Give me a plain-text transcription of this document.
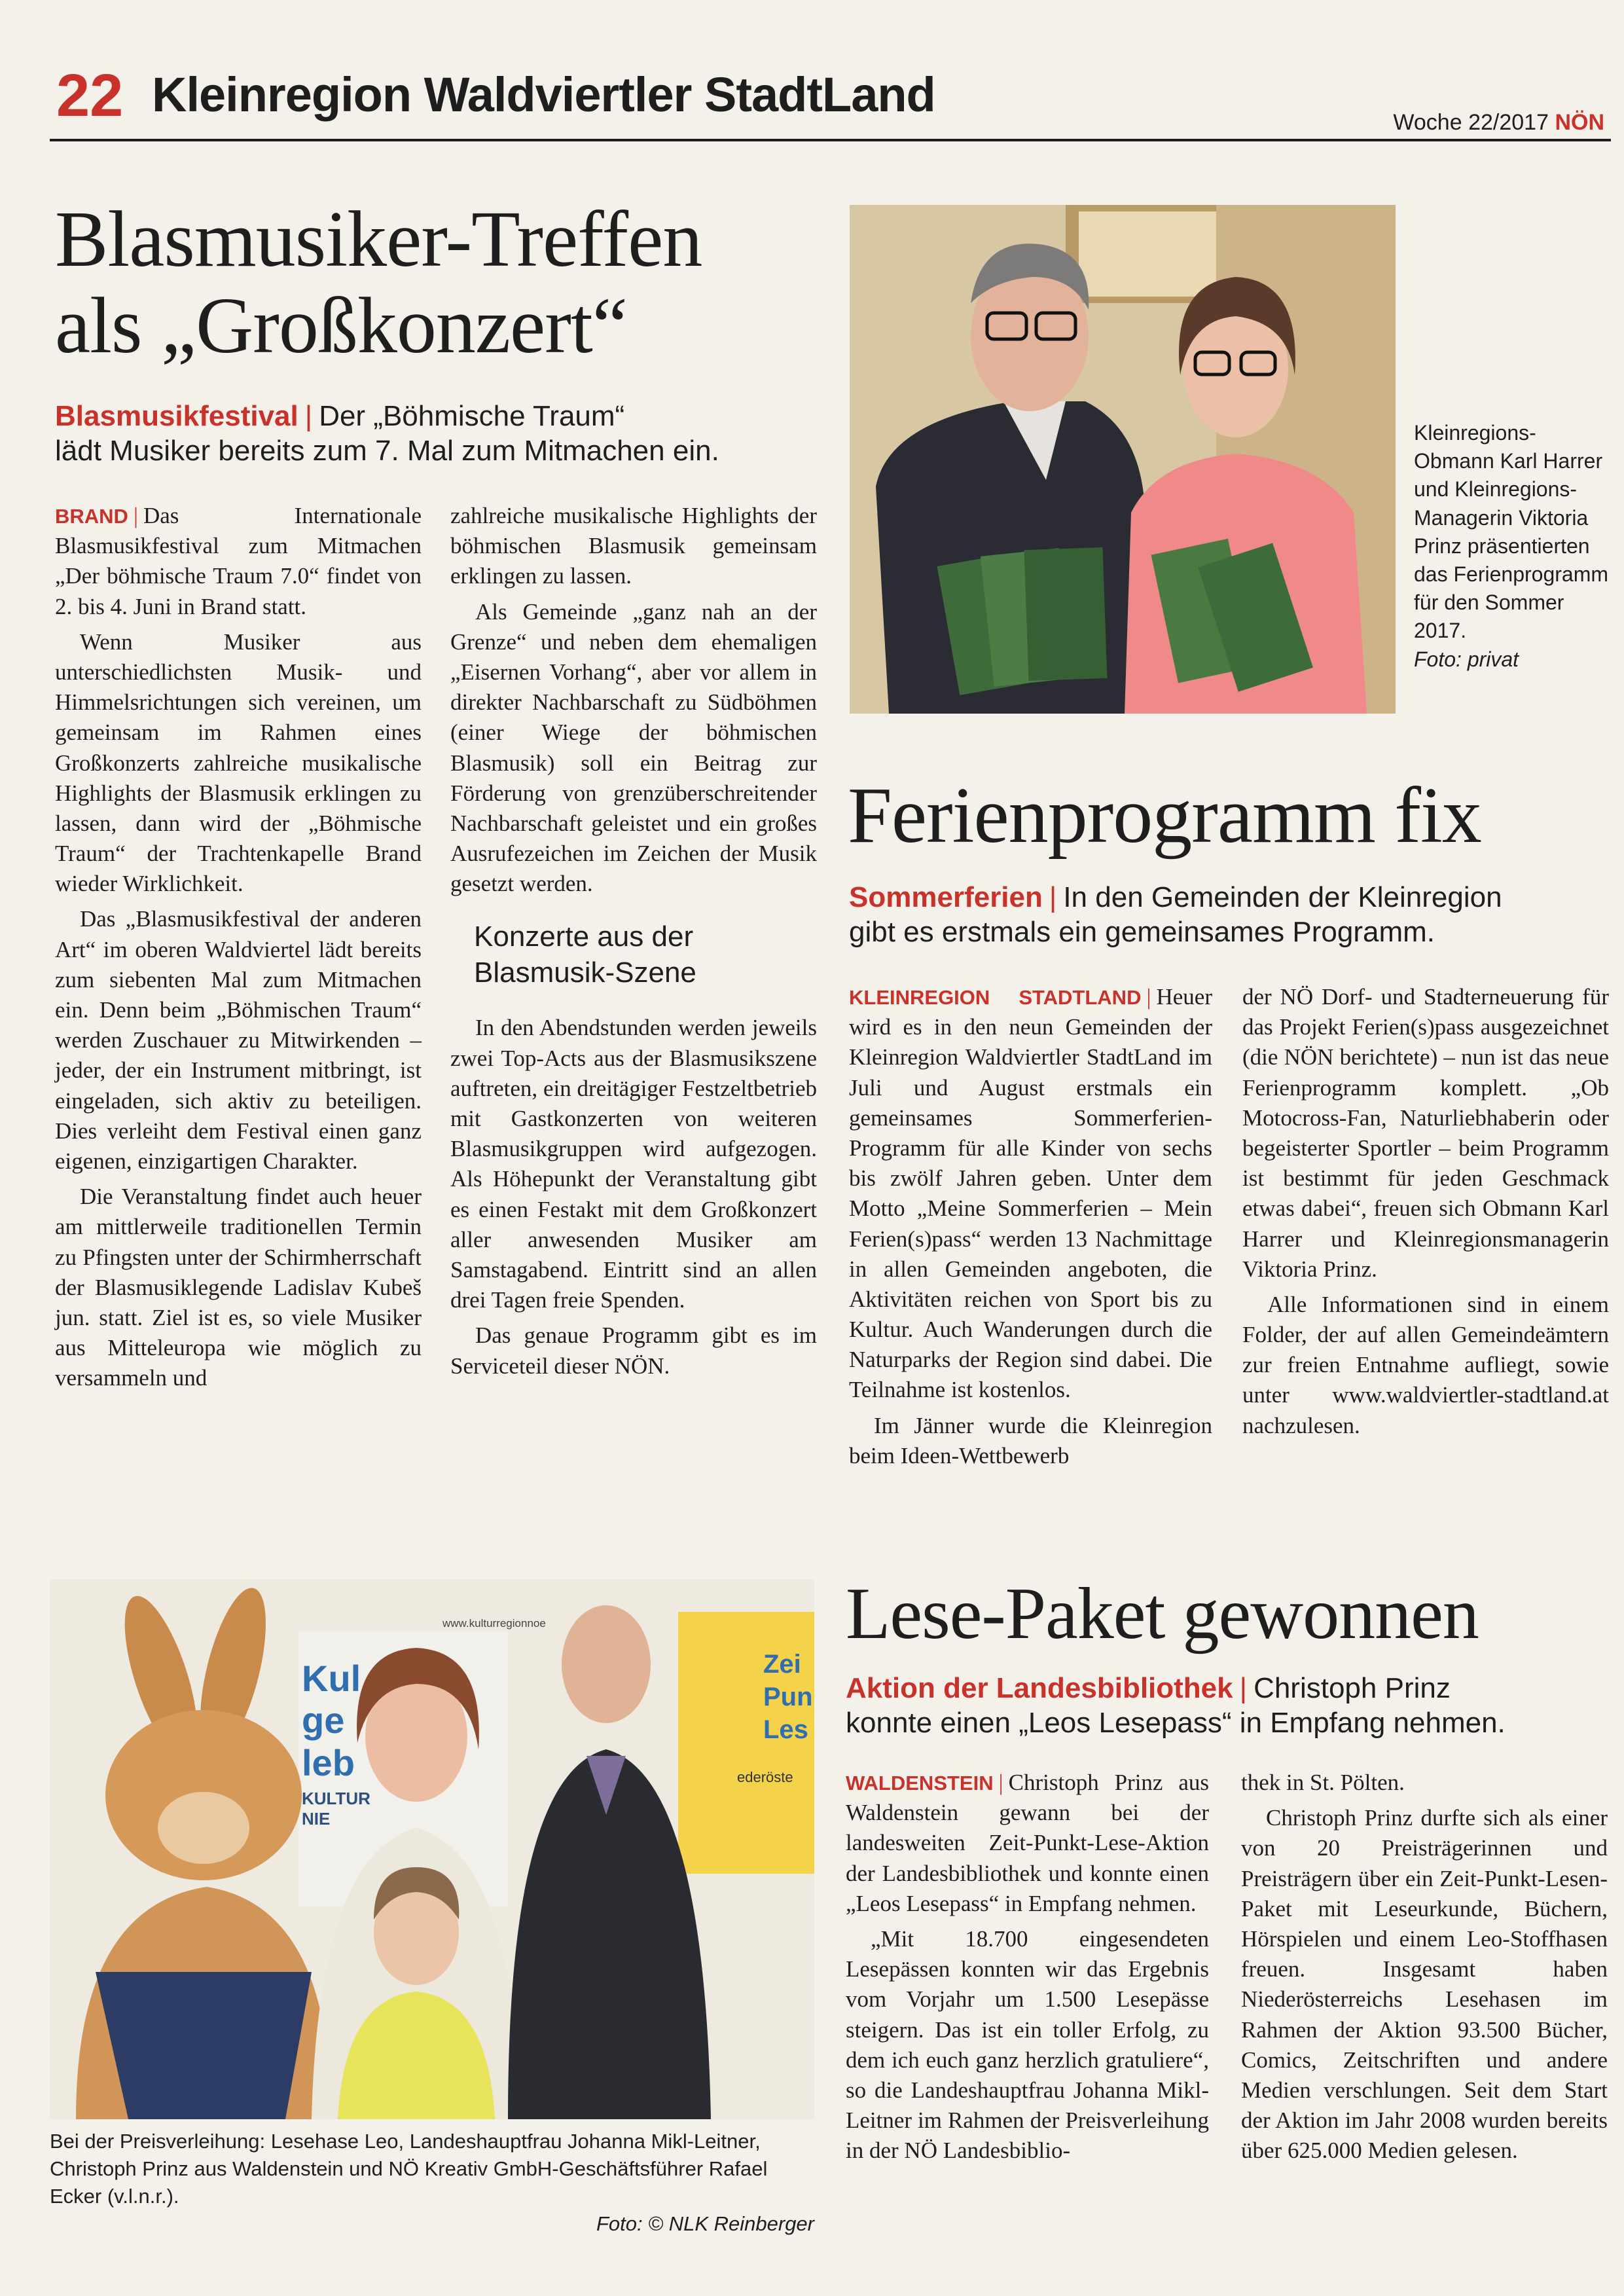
22 Kleinregion Waldviertler StadtLand
Woche 22/2017 NÖN
Blasmusiker-Treffen
als „Großkonzert“
Blasmusikfestival | Der „Böhmische Traum“
lädt Musiker bereits zum 7. Mal zum Mitmachen ein.

BRAND | Das Internationale Blasmusikfestival zum Mitmachen „Der böhmische Traum 7.0“ findet von 2. bis 4. Juni in Brand statt.

Wenn Musiker aus unterschiedlichsten Musik- und Himmelsrichtungen sich vereinen, um gemeinsam im Rahmen eines Großkonzerts zahlreiche musikalische Highlights der Blasmusik erklingen zu lassen, dann wird der „Böhmische Traum“ der Trachtenkapelle Brand wieder Wirklichkeit.

Das „Blasmusikfestival der anderen Art“ im oberen Waldviertel lädt bereits zum siebenten Mal zum Mitmachen ein. Denn beim „Böhmischen Traum“ werden Zuschauer zu Mitwirkenden – jeder, der ein Instrument mitbringt, ist eingeladen, sich aktiv zu beteiligen. Dies verleiht dem Festival einen ganz eigenen, einzigartigen Charakter.

Die Veranstaltung findet auch heuer am mittlerweile traditionellen Termin zu Pfingsten unter der Schirmherrschaft der Blasmusiklegende Ladislav Kubeš jun. statt. Ziel ist es, so viele Musiker aus Mitteleuropa wie möglich zu versammeln und

zahlreiche musikalische Highlights der böhmischen Blasmusik gemeinsam erklingen zu lassen.

Als Gemeinde „ganz nah an der Grenze“ und neben dem ehemaligen „Eisernen Vorhang“, aber vor allem in direkter Nachbarschaft zu Südböhmen (einer Wiege der böhmischen Blasmusik) soll ein Beitrag zur Förderung von grenzüberschreitender Nachbarschaft geleistet und ein großes Ausrufezeichen im Zeichen der Musik gesetzt werden.

Konzerte aus der
Blasmusik-Szene

In den Abendstunden werden jeweils zwei Top-Acts aus der Blasmusikszene auftreten, ein dreitägiger Festzeltbetrieb mit Gastkonzerten von weiteren Blasmusikgruppen wird aufgezogen. Als Höhepunkt der Veranstaltung gibt es einen Festakt mit dem Großkonzert aller anwesenden Musiker am Samstagabend. Eintritt sind an allen drei Tagen freie Spenden.

Das genaue Programm gibt es im Serviceteil dieser NÖN.

Kleinregions-Obmann Karl Harrer und Kleinregions-Managerin Viktoria Prinz präsentierten das Ferienprogramm für den Sommer 2017.
Foto: privat
Ferienprogramm fix
Sommerferien | In den Gemeinden der Kleinregion
gibt es erstmals ein gemeinsames Programm.

KLEINREGION STADTLAND | Heuer wird es in den neun Gemeinden der Kleinregion Waldviertler StadtLand im Juli und August erstmals ein gemeinsames Sommerferien-Programm für alle Kinder von sechs bis zwölf Jahren geben. Unter dem Motto „Meine Sommerferien – Mein Ferien(s)pass“ werden 13 Nachmittage in allen Gemeinden angeboten, die Aktivitäten reichen von Sport bis zu Kultur. Auch Wanderungen durch die Naturparks der Region sind dabei. Die Teilnahme ist kostenlos.

Im Jänner wurde die Kleinregion beim Ideen-Wettbewerb

der NÖ Dorf- und Stadterneuerung für das Projekt Ferien(s)pass ausgezeichnet (die NÖN berichtete) – nun ist das neue Ferienprogramm komplett. „Ob Motocross-Fan, Naturliebhaberin oder begeisterter Sportler – beim Programm ist bestimmt für jeden Geschmack etwas dabei“, freuen sich Obmann Karl Harrer und Kleinregionsmanagerin Viktoria Prinz.

Alle Informationen sind in einem Folder, der auf allen Gemeindeämtern zur freien Entnahme aufliegt, sowie unter www.waldviertler-stadtland.at nachzulesen.

www.kulturregionnoe
Kul
ge
leb
KULTUR
NIE
Zei
Pun
Les
ederöste
Bei der Preisverleihung: Lesehase Leo, Landeshauptfrau Johanna Mikl-Leitner, Christoph Prinz aus Waldenstein und NÖ Kreativ GmbH-Geschäftsführer Rafael Ecker (v.l.n.r.).
Foto: © NLK Reinberger
Lese-Paket gewonnen
Aktion der Landesbibliothek | Christoph Prinz
konnte einen „Leos Lesepass“ in Empfang nehmen.

WALDENSTEIN | Christoph Prinz aus Waldenstein gewann bei der landesweiten Zeit-Punkt-Lese-Aktion der Landesbibliothek und konnte einen „Leos Lesepass“ in Empfang nehmen.

„Mit 18.700 eingesendeten Lesepässen konnten wir das Ergebnis vom Vorjahr um 1.500 Lesepässe steigern. Das ist ein toller Erfolg, zu dem ich euch ganz herzlich gratuliere“, so die Landeshauptfrau Johanna Mikl-Leitner im Rahmen der Preisverleihung in der NÖ Landesbiblio-

thek in St. Pölten.

Christoph Prinz durfte sich als einer von 20 Preisträgerinnen und Preisträgern über ein Zeit-Punkt-Lesen-Paket mit Leseurkunde, Büchern, Hörspielen und einem Leo-Stoffhasen freuen. Insgesamt haben Niederösterreichs Lesehasen im Rahmen der Aktion 93.500 Bücher, Comics, Zeitschriften und andere Medien verschlungen. Seit dem Start der Aktion im Jahr 2008 wurden bereits über 625.000 Medien gelesen.
